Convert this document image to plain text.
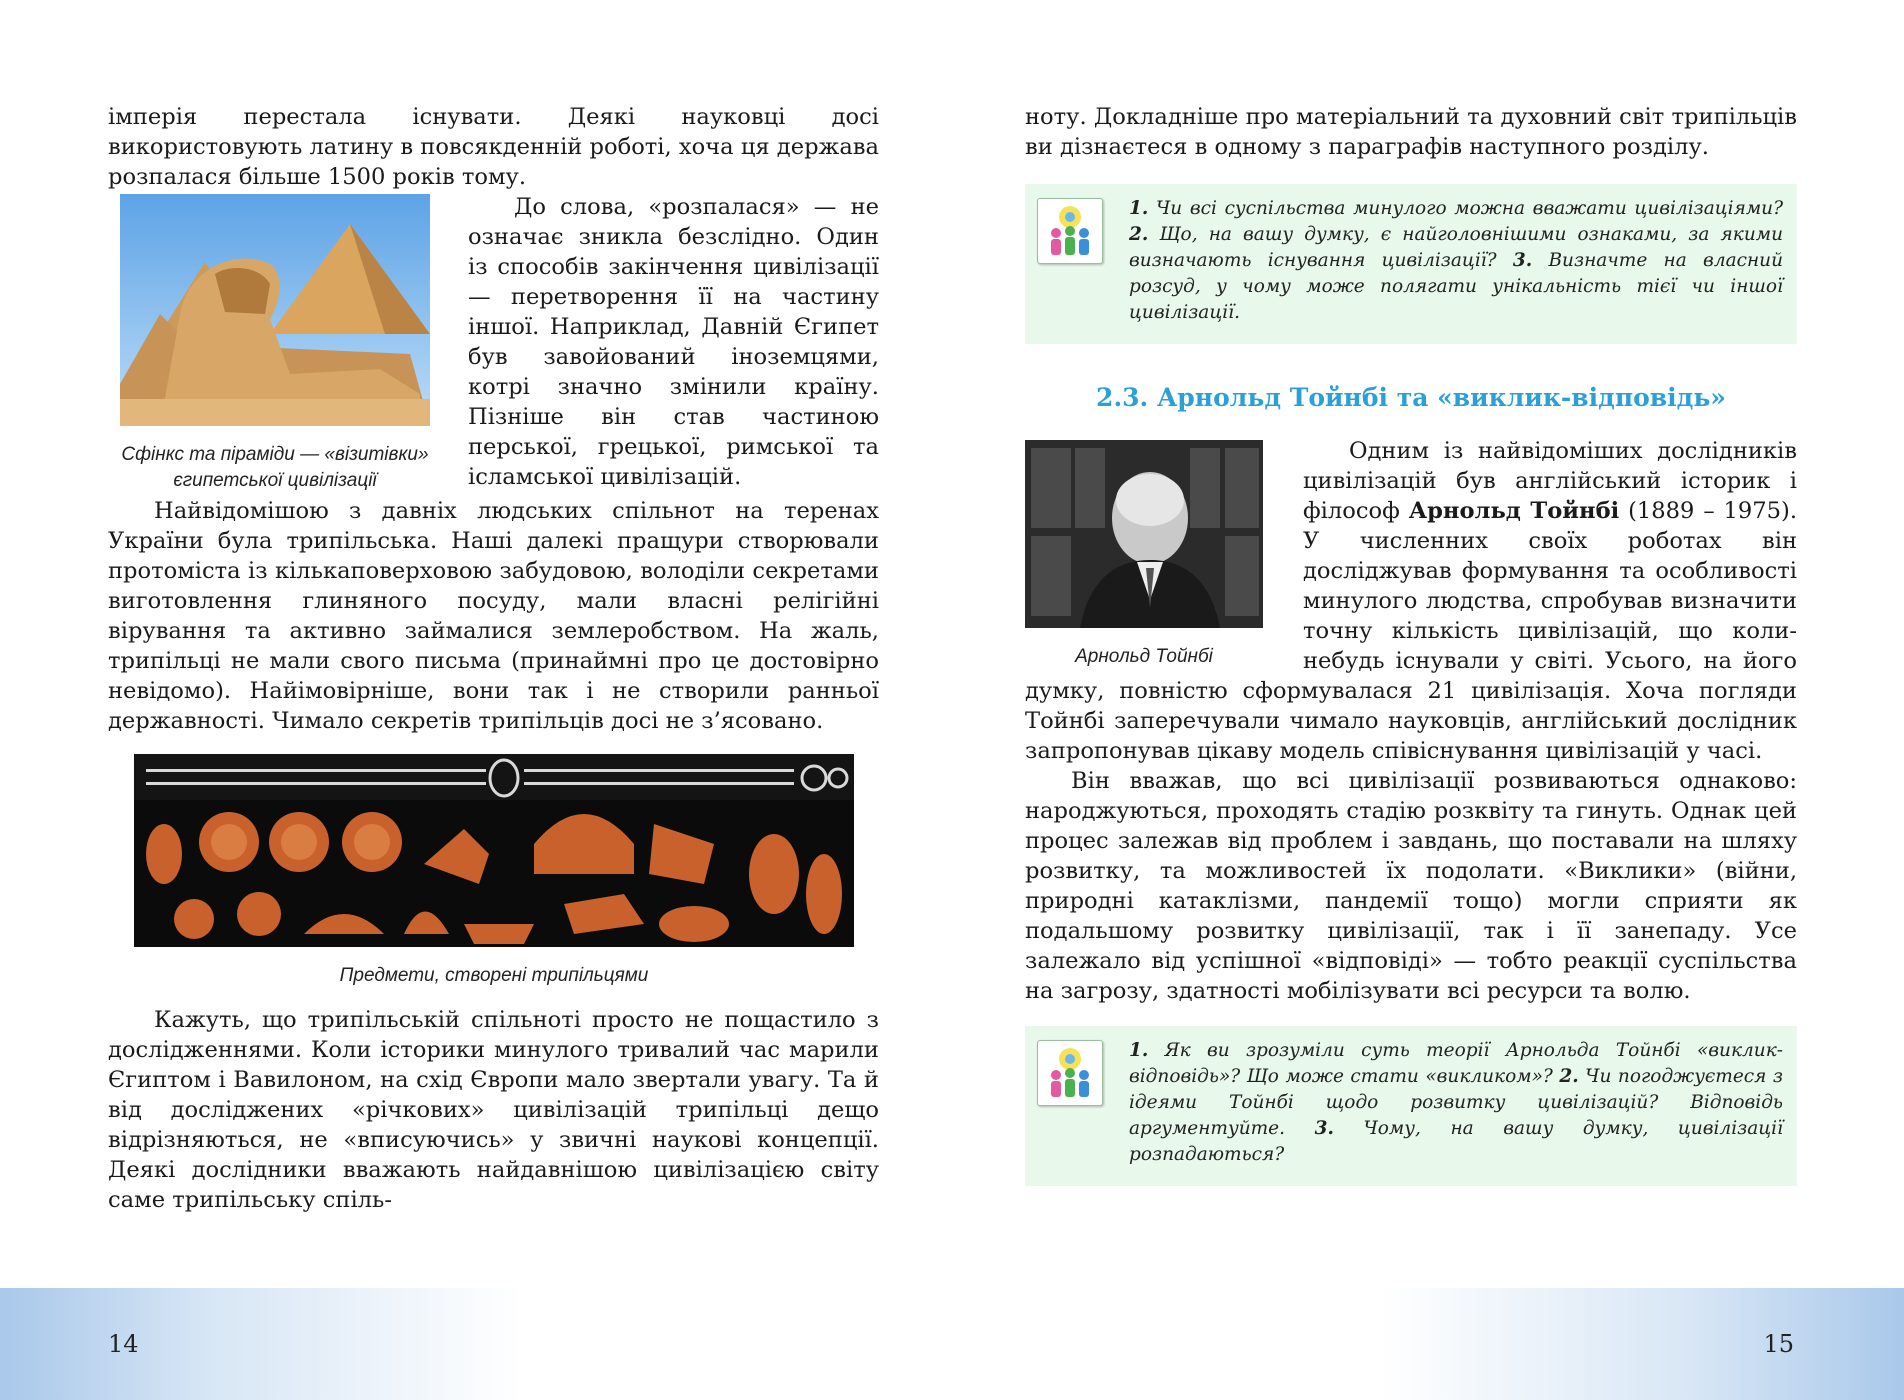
імперія перестала існувати. Деякі науковці досі використовують латину в повсякденній роботі, хоча ця держава розпалася більше 1500 років тому.

Сфінкс та піраміди — «візитівки» єгипетської цивілізації

До слова, «розпалася» — не означає зникла безслідно. Один із способів закінчення цивілізації — перетворення її на частину іншої. Наприклад, Давній Єгипет був завойований іноземцями, котрі значно змінили країну. Пізніше він став частиною перської, грецької, римської та ісламської цивілізацій.

Найвідомішою з давніх людських спільнот на теренах України була трипільська. Наші далекі пращури створювали протоміста із кількаповерховою забудовою, володіли секретами виготовлення глиняного посуду, мали власні релігійні вірування та активно займалися землеробством. На жаль, трипільці не мали свого письма (принаймні про це достовірно невідомо). Найімовірніше, вони так і не створили ранньої державності. Чимало секретів трипільців досі не з’ясовано.

Предмети, створені трипільцями

Кажуть, що трипільській спільноті просто не пощастило з дослідженнями. Коли історики минулого тривалий час марили Єгиптом і Вавилоном, на схід Європи мало звертали увагу. Та й від досліджених «річкових» цивілізацій трипільці дещо відрізняються, не «вписуючись» у звичні наукові концепції. Деякі дослідники вважають найдавнішою цивілізацією світу саме трипільську спіль-

14

ноту. Докладніше про матеріальний та духовний світ трипільців ви дізнаєтеся в одному з параграфів наступного розділу.

1. Чи всі суспільства минулого можна вважати цивілізаціями? 2. Що, на вашу думку, є найголовнішими ознаками, за якими визначають існування цивілізації? 3. Визначте на власний розсуд, у чому може полягати унікальність тієї чи іншої цивілізації.

2.3. Арнольд Тойнбі та «виклик-відповідь»
Арнольд Тойнбі

Одним із найвідоміших дослідників цивілізацій був англійський історик і філософ Арнольд Тойнбі (1889 – 1975). У численних своїх роботах він досліджував формування та особливості минулого людства, спробував визначити точну кількість цивілізацій, що коли-небудь існували у світі. Усього, на його думку, повністю сформувалася 21 цивілізація. Хоча погляди Тойнбі заперечували чимало науковців, англійський дослідник запропонував цікаву модель співіснування цивілізацій у часі.

Він вважав, що всі цивілізації розвиваються однаково: народжуються, проходять стадію розквіту та гинуть. Однак цей процес залежав від проблем і завдань, що поставали на шляху розвитку, та можливостей їх подолати. «Виклики» (війни, природні катаклізми, пандемії тощо) могли сприяти як подальшому розвитку цивілізації, так і її занепаду. Усе залежало від успішної «відповіді» — тобто реакції суспільства на загрозу, здатності мобілізувати всі ресурси та волю.

1. Як ви зрозуміли суть теорії Арнольда Тойнбі «виклик-відповідь»? Що може стати «викликом»? 2. Чи погоджуєтеся з ідеями Тойнбі щодо розвитку цивілізацій? Відповідь аргументуйте. 3. Чому, на вашу думку, цивілізації розпадаються?

15
